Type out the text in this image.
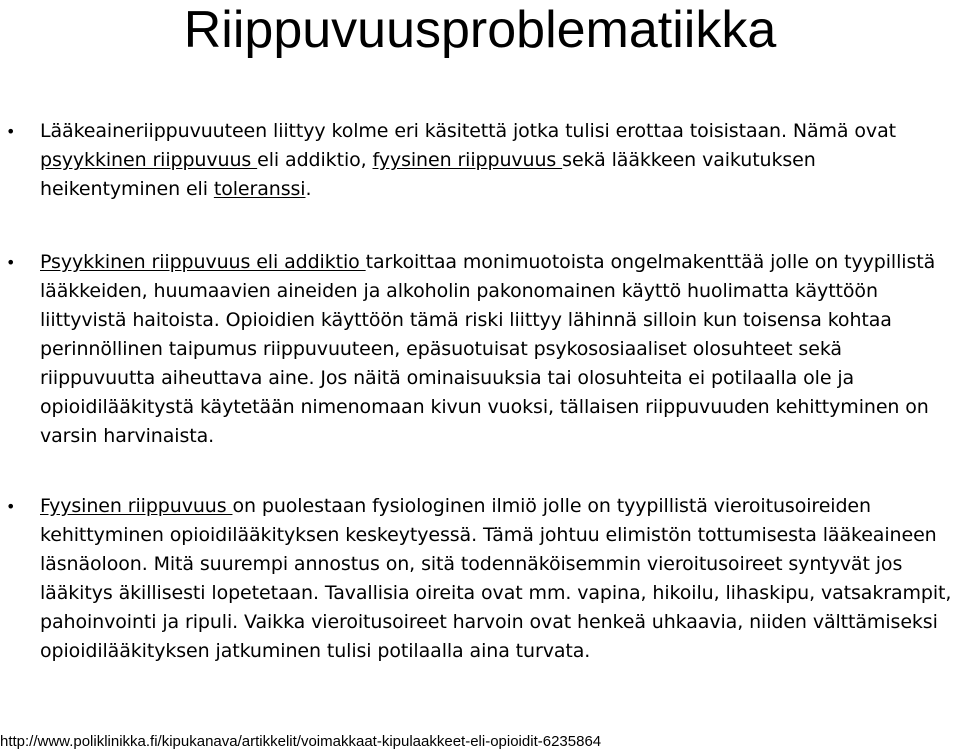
Riippuvuusproblematiikka
• Lääkeaineriippuvuuteen liittyy kolme eri käsitettä jotka tulisi erottaa toisistaan. Nämä ovat psyykkinen riippuvuus eli addiktio, fyysinen riippuvuus sekä lääkkeen vaikutuksen heikentyminen eli toleranssi.
• Psyykkinen riippuvuus eli addiktio tarkoittaa monimuotoista ongelmakenttää jolle on tyypillistä lääkkeiden, huumaavien aineiden ja alkoholin pakonomainen käyttö huolimatta käyttöön liittyvistä haitoista. Opioidien käyttöön tämä riski liittyy lähinnä silloin kun toisensa kohtaa perinnöllinen taipumus riippuvuuteen, epäsuotuisat psykososiaaliset olosuhteet sekä riippuvuutta aiheuttava aine. Jos näitä ominaisuuksia tai olosuhteita ei potilaalla ole ja opioidilääkitystä käytetään nimenomaan kivun vuoksi, tällaisen riippuvuuden kehittyminen on varsin harvinaista.
• Fyysinen riippuvuus on puolestaan fysiologinen ilmiö jolle on tyypillistä vieroitusoireiden kehittyminen opioidilääkityksen keskeytyessä. Tämä johtuu elimistön tottumisesta lääkeaineen läsnäoloon. Mitä suurempi annostus on, sitä todennäköisemmin vieroitusoireet syntyvät jos lääkitys äkillisesti lopetetaan. Tavallisia oireita ovat mm. vapina, hikoilu, lihaskipu, vatsakrampit, pahoinvointi ja ripuli. Vaikka vieroitusoireet harvoin ovat henkeä uhkaavia, niiden välttämiseksi opioidilääkityksen jatkuminen tulisi potilaalla aina turvata.
http://www.poliklinikka.fi/kipukanava/artikkelit/voimakkaat-kipulaakkeet-eli-opioidit-6235864
